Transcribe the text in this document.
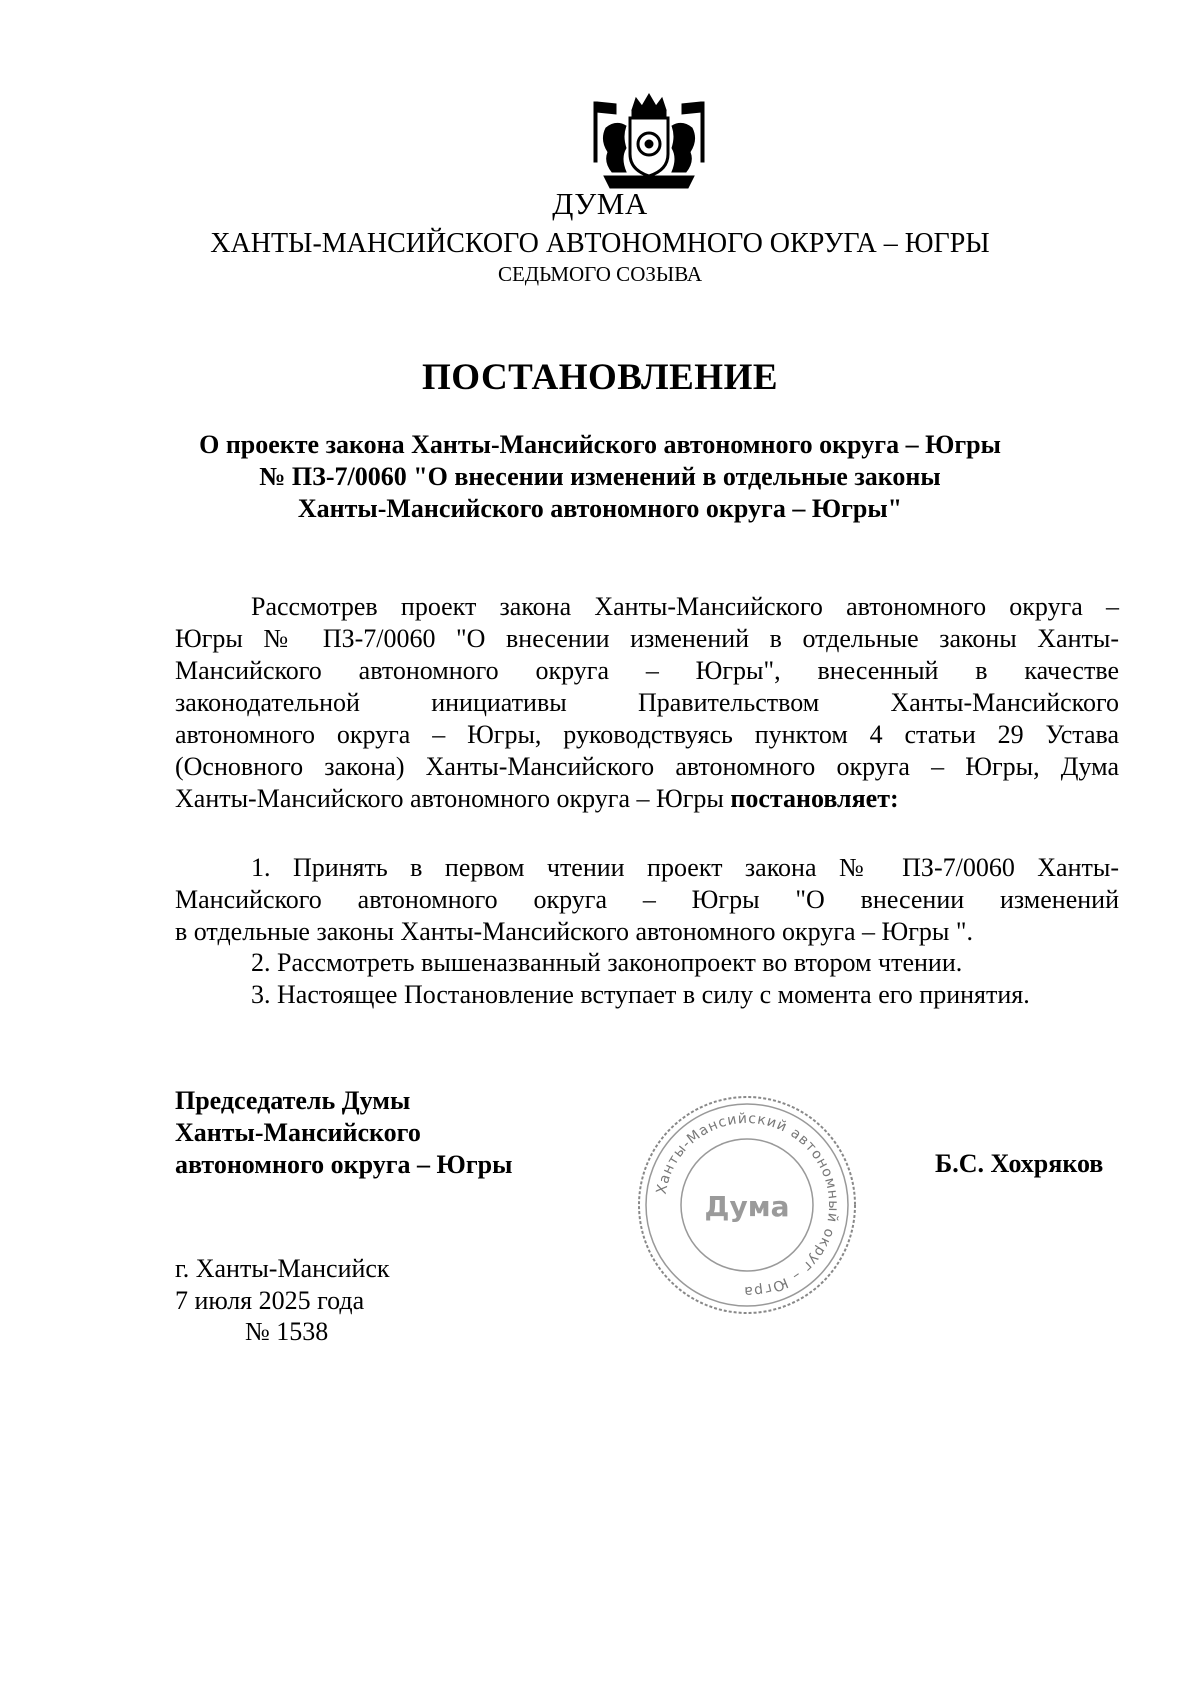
ДУМА
ХАНТЫ-МАНСИЙСКОГО АВТОНОМНОГО ОКРУГА – ЮГРЫ
СЕДЬМОГО СОЗЫВА
ПОСТАНОВЛЕНИЕ
О проекте закона Ханты-Мансийского автономного округа – Югры
№ ПЗ-7/0060 "О внесении изменений в отдельные законы
Ханты-Мансийского автономного округа – Югры"
Рассмотрев проект закона Ханты-Мансийского автономного округа –
Югры № ПЗ-7/0060 "О внесении изменений в отдельные законы Ханты-
Мансийского автономного округа – Югры", внесенный в качестве
законодательной инициативы Правительством Ханты-Мансийского
автономного округа – Югры, руководствуясь пунктом 4 статьи 29 Устава
(Основного закона) Ханты-Мансийского автономного округа – Югры, Дума
Ханты-Мансийского автономного округа – Югры постановляет:
1. Принять в первом чтении проект закона № ПЗ-7/0060 Ханты-
Мансийского автономного округа – Югры "О внесении изменений
в отдельные законы Ханты-Мансийского автономного округа – Югры ".
2. Рассмотреть вышеназванный законопроект во втором чтении.
3. Настоящее Постановление вступает в силу с момента его принятия.
Председатель Думы
Ханты-Мансийского
автономного округа – Югры
Ханты-Мансийский автономный округ – Югра
Дума
Б.С. Хохряков
г. Ханты-Мансийск
7 июля 2025 года
№ 1538
